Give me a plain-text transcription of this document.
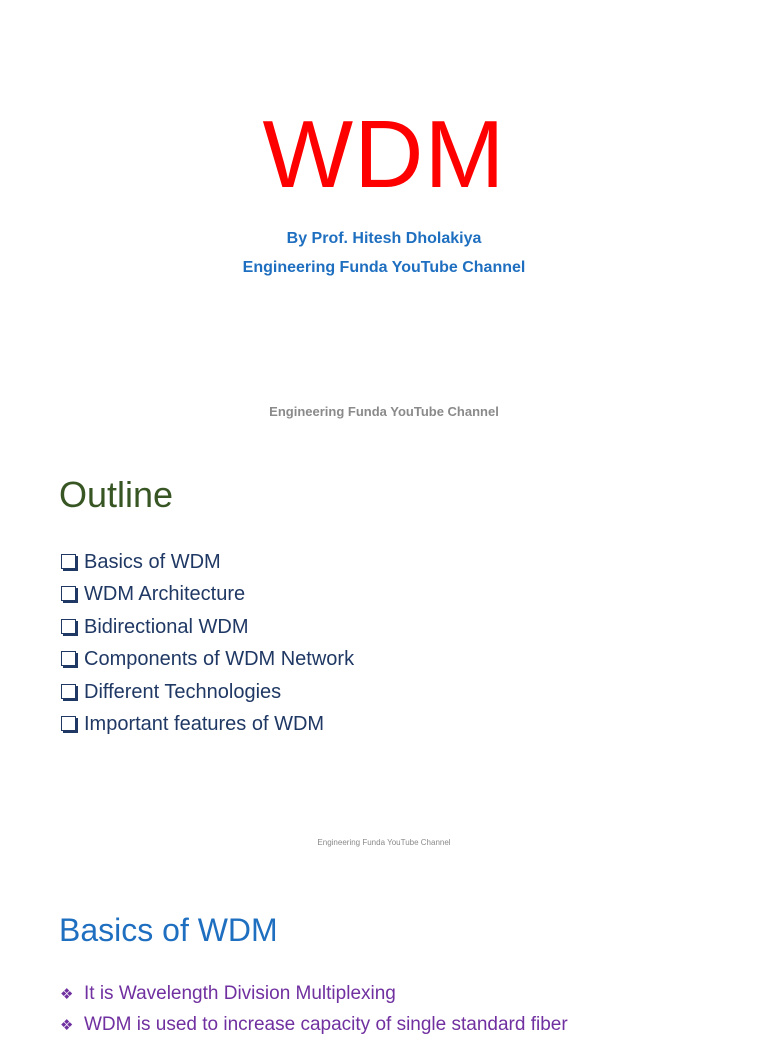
WDM
By Prof. Hitesh Dholakiya
Engineering Funda YouTube Channel
Engineering Funda YouTube Channel
Outline
Basics of WDM
WDM Architecture
Bidirectional WDM
Components of WDM Network
Different Technologies
Important features of WDM
Engineering Funda YouTube Channel
Basics of WDM
❖ It is Wavelength Division Multiplexing
❖ WDM is used to increase capacity of single standard fiber
